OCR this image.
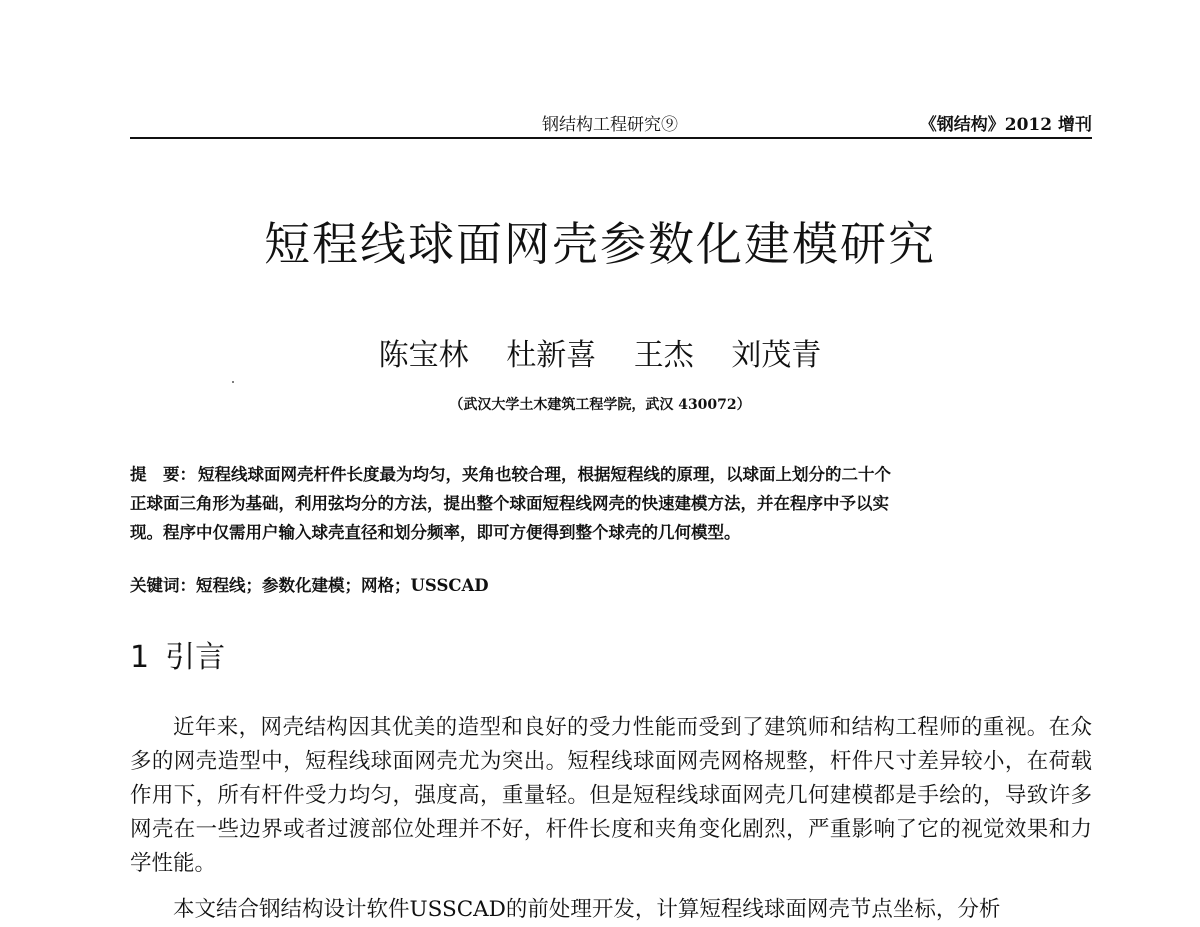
钢结构工程研究⑨	《钢结构》2012 增刊
短程线球面网壳参数化建模研究
陈宝林 杜新喜 王杰 刘茂青
（武汉大学土木建筑工程学院，武汉 430072）

提　要： 短程线球面网壳杆件长度最为均匀，夹角也较合理，根据短程线的原理，以球面上划分的二十个

正球面三角形为基础，利用弦均分的方法，提出整个球面短程线网壳的快速建模方法，并在程序中予以实

现。程序中仅需用户输入球壳直径和划分频率，即可方便得到整个球壳的几何模型。

关键词：短程线；参数化建模；网格；USSCAD
1 引言

近年来，网壳结构因其优美的造型和良好的受力性能而受到了建筑师和结构工程师的重视。在众多的网壳造型中，短程线球面网壳尤为突出。短程线球面网壳网格规整，杆件尺寸差异较小，在荷载作用下，所有杆件受力均匀，强度高，重量轻。但是短程线球面网壳几何建模都是手绘的，导致许多网壳在一些边界或者过渡部位处理并不好，杆件长度和夹角变化剧烈，严重影响了它的视觉效果和力学性能。

本文结合钢结构设计软件USSCAD的前处理开发，计算短程线球面网壳节点坐标，分析
